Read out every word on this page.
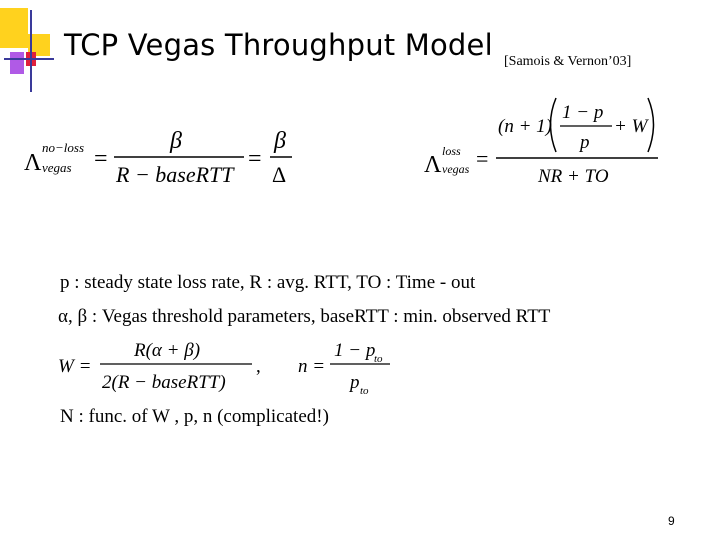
TCP Vegas Throughput Model [Samois & Vernon’03]
Λ
no−loss
vegas =
β
R − baseRTT
=
β
Δ	Λ
loss
vegas =
(n + 1)
1 − p
p
+ W
NR + TO
p : steady state loss rate, R : avg. RTT, TO : Time - out
α, β : Vegas threshold parameters, baseRTT : min. observed RTT
W =
R(α + β)
2(R − baseRTT)
, n =
1 − p
to
p to
N : func. of W , p, n (complicated!)
9
